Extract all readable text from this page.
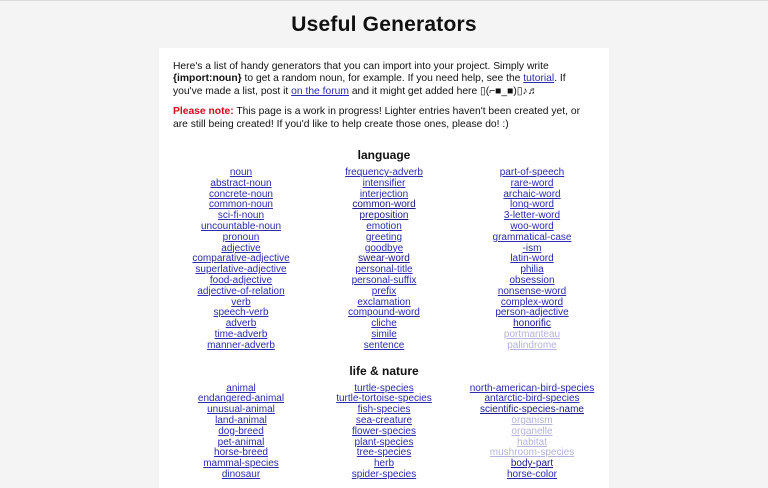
Useful Generators

Here's a list of handy generators that you can import into your project. Simply write {import:noun} to get a random noun, for example. If you need help, see the tutorial. If you've made a list, post it on the forum and it might get added here ▯(⌐■_■)▯♪♬

Please note: This page is a work in progress! Lighter entries haven't been created yet, or are still being created! If you'd like to help create those ones, please do! :)

language
noun
abstract-noun
concrete-noun
common-noun
sci-fi-noun
uncountable-noun
pronoun
adjective
comparative-adjective
superlative-adjective
food-adjective
adjective-of-relation
verb
speech-verb
adverb
time-adverb
manner-adverb
frequency-adverb
intensifier
interjection
common-word
preposition
emotion
greeting
goodbye
swear-word
personal-title
personal-suffix
prefix
exclamation
compound-word
cliche
simile
sentence
part-of-speech
rare-word
archaic-word
long-word
3-letter-word
woo-word
grammatical-case
-ism
latin-word
philia
obsession
nonsense-word
complex-word
person-adjective
honorific
portmanteau
palindrome
life & nature
animal
endangered-animal
unusual-animal
land-animal
dog-breed
pet-animal
horse-breed
mammal-species
dinosaur
turtle-species
turtle-tortoise-species
fish-species
sea-creature
flower-species
plant-species
tree-species
herb
spider-species
north-american-bird-species
antarctic-bird-species
scientific-species-name
organism
organelle
habitat
mushroom-species
body-part
horse-color
